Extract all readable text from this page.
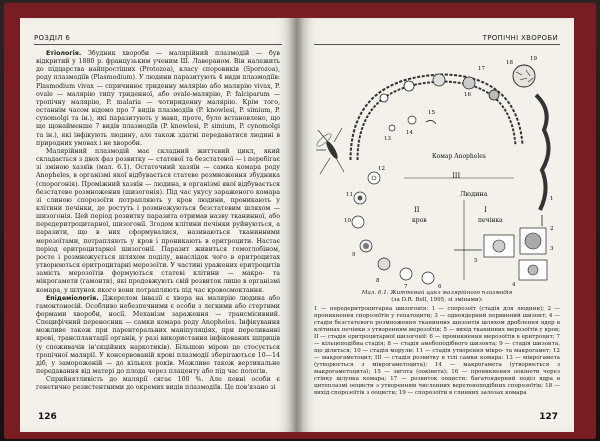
РОЗДІЛ 6

Етіологія. Збудник хвороби — малярійний плазмодій — був відкритий у 1880 р. французьким ученим Ш. Лавераном. Він належить до підцарства найпростіших (Protozoa), класу споровиків (Sporozoa), роду плазмодіїв (Plasmodium). У людини паразитують 4 види плазмодіїв: Plasmodium vivax — спричинює триденну малярію або малярію vivax, P. ovale — малярію типу триденної, або ovale-малярію, P. falciparum — тропічну малярію, P. malaria — чотириденну малярію. Крім того, останнім часом відомо про 7 видів плазмодіїв (P. knowlesi, P. simium, P. cynomolgi та ін.), які паразитують у мавп, проте, було встановлено, що ще щонайменше 7 видів плазмодіїв (P. knowlesi, P. simium, P. cynomolgi та ін.), які інфікують людину, але також здатні передаватися людині в природних умовах і не хвороби.

Малярійний плазмодій має складний життєвий цикл, який складається з двох фаз розвитку — статевої та безстатевої — і перебігає зі зміною хазяїв (мал. 6.1). Остаточний хазяїн — самка комара роду Anopheles, в організмі якої відбувається статеве розмноження збудника (спорогонія). Проміжний хазяїн — людина, в організмі якої відбувається безстатеве розмноження (шизогонія). Під час укусу зараженого комара зі слиною спорозоїти потрапляють у кров людини, проникають у клітини печінки, де ростуть і розмножуються безстатевим шляхом — шизогонія. Цей період розвитку паразита отримав назву тканинної, або передеритроцитарної, шизогонії. Згодом клітини печінки руйнуються, а паразити, що в них сформувалися, називаються тканинними мерозоїтами, потрапляють у кров і проникають в еритроцити. Настає період еритроцитарної шизогонії. Паразит живиться гемоглобіном, росте і розмножується шляхом поділу, внаслідок чого в еритроцитах утворюються еритроцитарні мерозоїти. У частині уражених еритроцитів замість мерозоїтів формуються статеві клітини — макро- та мікрогамети (гамонти), які продовжують свій розвиток лише в організмі комара, у шлунок якого вони потрапляють під час кровосмоктання.

Епідеміологія. Джерелом інвазії є хвора на малярію людина або гамонтоносій. Особливо небезпечними є особи з легкими або стертими формами хвороби, носії. Механізм зараження — трансмісивний. Специфічний переносник — самки комара роду Anopheles. Інфікування можливе також при парентеральних маніпуляціях, при переливанні крові, трансплантації органів, у разі використання інфікованих шприців (у споживачів ін'єкційних наркотиків). Більшою мірою це стосується тропічної малярії. У консервованій крові плазмодії зберігаються 10—14 діб, у замороженій — до кількох років. Можливе також вертикальне передавання від матері до плода через плаценту або під час пологів.

Сприйнятливість до малярії сягає 100 %. Але певні особи є генетично резистентними до окремих видів плазмодіїв. Це пов'язано зі

126
ТРОПІЧНІ ХВОРОБИ
Комар Anopheles
III
Людина
II	I
кров	печінка
18
19
17
16
15
14
13
12
11
10
9
8
7	6
5
4
3
2
1

Мал. 6.1. Життєвий цикл малярійного плазмодія

(за D.R. Bell, 1995, зі змінами):

1 — передеритроцитарна шизогонія: 1 — спорозоїт (стадія для людини); 2 — проникнення спорозоїтів у гепатоцити; 3 — одноядерний первинний шизонт; 4 — стадія безстатевого розмноження тканинних шизонтів шляхом дроблення ядер в клітинах печінки з утворенням мерозоїтів; 5 — вихід тканинних мерозоїтів у кров; II — стадія еритроцитарної шизогонії: 6 — проникнення мерозоїтів в еритроцит; 7 — кільцеподібна стадія; 8 — стадія амебоподібного шизонта; 9 — стадія шизонта, що ділиться; 10 — стадія морули; 11 — стадія утворення мікро- та макрогамет; 12 — макрогаметоцит; III — стадія розвитку в тілі самки комара: 13 — мікрогамета (утворюється з мікрогаметоцита); 14 — макрогамета (утворюється з макрогаметоцита); 15 — зигота (оокінета); 16 — проникнення оокінети через стінку шлунка комара; 17 — розвиток ооцисти: багатоядерний поділ ядра в цитоплазмі ооцисти з утворенням численних веретеноподібних спорозоїтів; 18 — вихід спорозоїтів з ооцисти; 19 — спорозоїти в слинних залозах комара

127
